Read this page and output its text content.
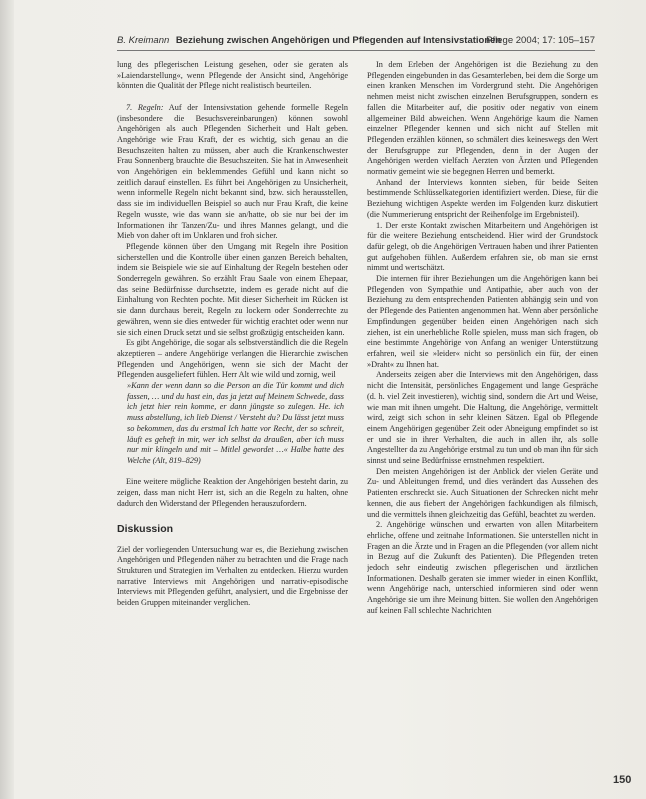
B. Kreimann Beziehung zwischen Angehörigen und Pflegenden auf Intensivstationen
Pflege 2004; 17: 105–157

lung des pflegerischen Leistung gesehen, oder sie geraten als »Laiendarstellung«, wenn Pflegende der Ansicht sind, Angehörige könnten die Qualität der Pflege nicht realistisch beurteilen.

7. Regeln: Auf der Intensivstation gehende formelle Regeln (insbesondere die Besuchsvereinbarungen) können sowohl Angehörigen als auch Pflegenden Sicherheit und Halt geben. Angehörige wie Frau Kraft, der es wichtig, sich genau an die Besuchszeiten halten zu müssen, aber auch die Krankenschwester Frau Sonnenberg brauchte die Besuchszeiten. Sie hat in Anwesenheit von Angehörigen ein beklemmendes Gefühl und kann nicht so zeitlich darauf einstellen. Es führt bei Angehörigen zu Unsicherheit, wenn informelle Regeln nicht bekannt sind, bzw. sich herausstellen, dass sie im individuellen Beispiel so auch nur Frau Kraft, die keine Regeln wusste, wie das wann sie an/hatte, ob sie nur bei der im Informationen ihr Tanzen/Zu- und ihres Mannes gelangt, und die Mieb von daher oft im Unklaren und froh sicher.

Pflegende können über den Umgang mit Regeln ihre Position sicherstellen und die Kontrolle über einen ganzen Bereich behalten, indem sie Beispiele wie sie auf Einhaltung der Regeln bestehen oder Sonderregeln gewähren. So erzählt Frau Saale von einem Ehepaar, das seine Bedürfnisse durchsetzte, indem es gerade nicht auf die Einhaltung von Rechten pochte. Mit dieser Sicherheit im Rücken ist sie dann durchaus bereit, Regeln zu lockern oder Sonderrechte zu gewähren, wenn sie dies entweder für wichtig erachtet oder wenn nur sie sich einen Druck setzt und sie selbst großzügig entscheiden kann.

Es gibt Angehörige, die sogar als selbstverständlich die die Regeln akzeptieren – andere Angehörige verlangen die Hierarchie zwischen Pflegenden und Angehörigen, wenn sie sich der Macht der Pflegenden ausgeliefert fühlen. Herr Alt wie wild und zornig, weil

»Kann der wenn dann so die Person an die Tür kommt und dich fassen, … und du hast ein, das ja jetzt auf Meinem Schwede, dass ich jetzt hier rein komme, er dann jüngste so zulegen. He. ich muss abstellung, ich lieb Dienst / Versteht du? Du lässt jetzt muss so bekommen, das du erstmal Ich hatte vor Recht, der so schreit, läuft es geheft in mir, wer ich selbst da draußen, aber ich muss nur mir klingeln und mit – Mitlel gewordet …« Halbe hatte des Welche (Alt, 819–829)

Eine weitere mögliche Reaktion der Angehörigen besteht darin, zu zeigen, dass man nicht Herr ist, sich an die Regeln zu halten, ohne dadurch den Widerstand der Pflegenden herauszufordern.

Diskussion

Ziel der vorliegenden Untersuchung war es, die Beziehung zwischen Angehörigen und Pflegenden näher zu betrachten und die Frage nach Strukturen und Strategien im Verhalten zu entdecken. Hierzu wurden narrative Interviews mit Angehörigen und narrativ-episodische Interviews mit Pflegenden geführt, analysiert, und die Ergebnisse der beiden Gruppen miteinander verglichen.

In dem Erleben der Angehörigen ist die Beziehung zu den Pflegenden eingebunden in das Gesamterleben, bei dem die Sorge um einen kranken Menschen im Vordergrund steht. Die Angehörigen nehmen meist nicht zwischen einzelnen Berufsgruppen, sondern es fallen die Mitarbeiter auf, die positiv oder negativ von einem allgemeiner Bild abweichen. Wenn Angehörige kaum die Namen einzelner Pflegender kennen und sich nicht auf Stellen mit Pflegenden erzählen können, so schmälert dies keineswegs den Wert der Berufsgruppe zur Pflegenden, denn in der Augen der Angehörigen werden vielfach Aerzten von Ärzten und Pflegenden normativ gemeint wie sie begegnen Herren und bemerkt.

Anhand der Interviews konnten sieben, für beide Seiten bestimmende Schlüsselkategorien identifiziert werden. Diese, für die Beziehung wichtigen Aspekte werden im Folgenden kurz diskutiert (die Nummerierung entspricht der Reihenfolge im Ergebnisteil).

1. Der erste Kontakt zwischen Mitarbeitern und Angehörigen ist für die weitere Beziehung entscheidend. Hier wird der Grundstock dafür gelegt, ob die Angehörigen Vertrauen haben und ihrer Patienten gut aufgehoben fühlen. Außerdem erfahren sie, ob man sie ernst nimmt und wertschätzt.

Die internen für ihrer Beziehungen um die Angehörigen kann bei Pflegenden von Sympathie und Antipathie, aber auch von der Beziehung zu dem entsprechenden Patienten abhängig sein und von der Pflegende des Patienten angenommen hat. Wenn aber persönliche Empfindungen gegenüber beiden einen Angehörigen nach sich ziehen, ist ein unerhebliche Rolle spielen, muss man sich fragen, ob eine bestimmte Angehörige von Anfang an weniger Unterstützung erfahren, weil sie »leider« nicht so persönlich ein für, der einen »Draht« zu Ihnen hat.

Anderseits zeigen aber die Interviews mit den Angehörigen, dass nicht die Intensität, persönliches Engagement und lange Gespräche (d. h. viel Zeit investieren), wichtig sind, sondern die Art und Weise, wie man mit ihnen umgeht. Die Haltung, die Angehörige, vermittelt wird, zeigt sich schon in sehr kleinen Sätzen. Egal ob Pflegende einem Angehörigen gegenüber Zeit oder Abneigung empfindet so ist er und sie in ihrer Verhalten, die auch in allen ihr, als solle Angestellter da zu Angehörige erstmal zu tun und ob man ihn für sich sinnst und seine Bedürfnisse ernstnehmen respektiert.

Den meisten Angehörigen ist der Anblick der vielen Geräte und Zu- und Ableitungen fremd, und dies verändert das Aussehen des Patienten erschreckt sie. Auch Situationen der Schrecken nicht mehr kennen, die aus fiebert der Angehörigen fachkundigen als filmisch, und die vermittels ihnen gleichzeitig das Gefühl, beachtet zu werden.

2. Angehörige wünschen und erwarten von allen Mitarbeitern ehrliche, offene und zeitnahe Informationen. Sie unterstellen nicht in Fragen an die Ärzte und in Fragen an die Pflegenden (vor allem nicht in Bezug auf die Zukunft des Patienten). Die Pflegenden treten jedoch sehr eindeutig zwischen pflegerischen und ärztlichen Informationen. Deshalb geraten sie immer wieder in einen Konflikt, wenn Angehörige nach, unterschied informieren sind oder wenn Angehörige sie um ihre Meinung bitten. Sie wollen den Angehörigen auf keinen Fall schlechte Nachrichten

150
